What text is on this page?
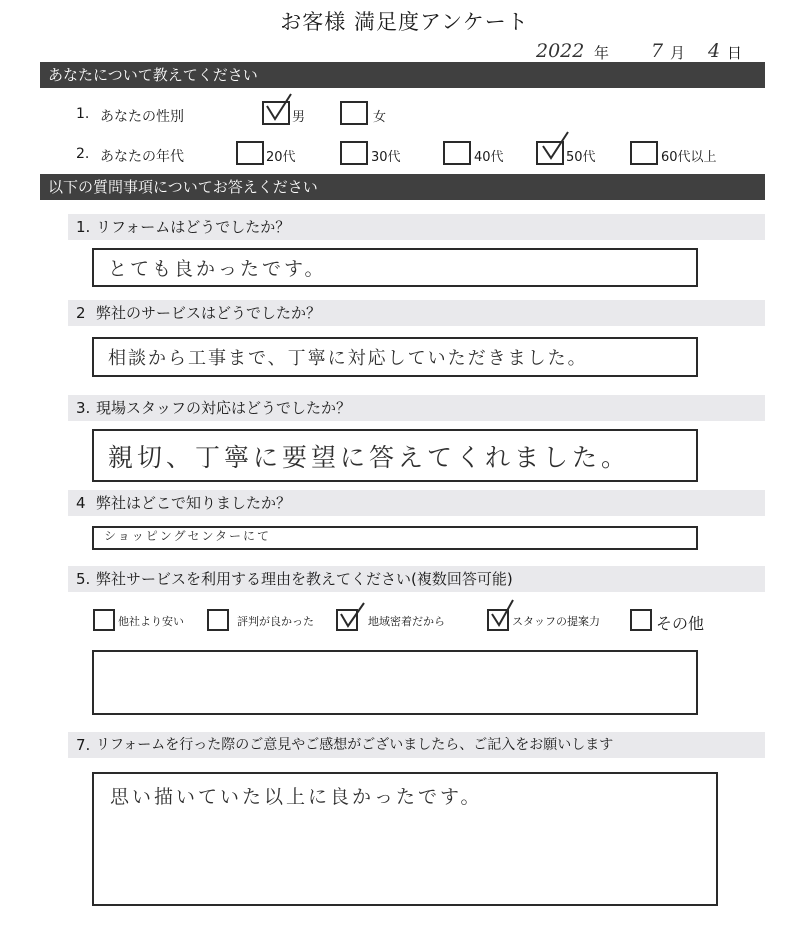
お客様 満足度アンケート
2022 年 7 月 4 日
あなたについて教えてください
1. あなたの性別	男	女
2. あなたの年代	20代	30代	40代	50代	60代以上
以下の質問事項についてお答えください
1. リフォームはどうでしたか？
とても良かったです。
2 弊社のサービスはどうでしたか？
相談から工事まで、丁寧に対応していただきました。
3. 現場スタッフの対応はどうでしたか？
親切、丁寧に要望に答えてくれました。
4 弊社はどこで知りましたか？
ショッピングセンターにて
5. 弊社サービスを利用する理由を教えてください(複数回答可能)
他社より安い	評判が良かった	地域密着だから	スタッフの提案力	その他
7. リフォームを行った際のご意見やご感想がございましたら、ご記入をお願いします
思い描いていた以上に良かったです。
